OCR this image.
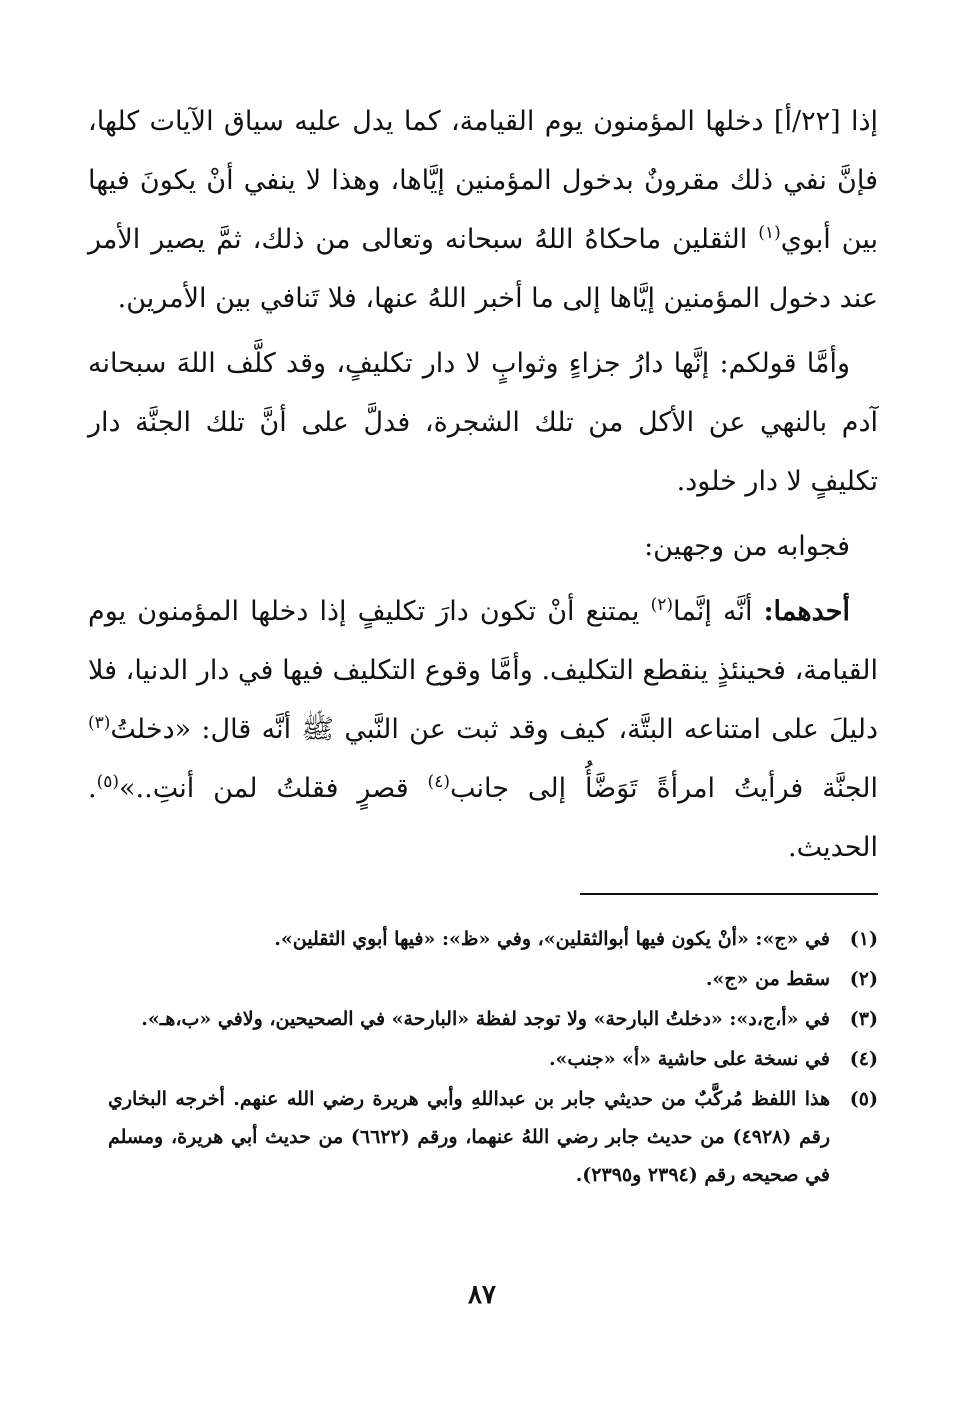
إذا [٢٢/أ] دخلها المؤمنون يوم القيامة، كما يدل عليه سياق الآيات كلها، فإنَّ نفي ذلك مقرونٌ بدخول المؤمنين إيَّاها، وهذا لا ينفي أنْ يكونَ فيها بين أبوي$^{(١)}$ الثقلين ماحكاهُ اللهُ سبحانه وتعالى من ذلك، ثمَّ يصير الأمر عند دخول المؤمنين إيَّاها إلى ما أخبر اللهُ عنها، فلا تَنافي بين الأمرين.

وأمَّا قولكم: إنَّها دارُ جزاءٍ وثوابٍ لا دار تكليفٍ، وقد كلَّف اللهَ سبحانه آدم بالنهي عن الأكل من تلك الشجرة، فدلَّ على أنَّ تلك الجنَّة دار تكليفٍ لا دار خلود.

فجوابه من وجهين:

أحدهما: أنَّه إنَّما$^{(٢)}$ يمتنع أنْ تكون دارَ تكليفٍ إذا دخلها المؤمنون يوم القيامة، فحينئذٍ ينقطع التكليف. وأمَّا وقوع التكليف فيها في دار الدنيا، فلا دليلَ على امتناعه البتَّة، كيف وقد ثبت عن النَّبي ﷺ أنَّه قال: «دخلتُ$^{(٣)}$ الجنَّة فرأيتُ امرأةً تَوَضَّأُ إلى جانب$^{(٤)}$ قصرٍ فقلتُ لمن أنتِ..»$^{(٥)}$. الحديث.

(١)
في «ج»: «أنْ يكون فيها أبوالثقلين»، وفي «ظ»: «فيها أبوي الثقلين».
(٢)
سقط من «ج».
(٣)
في «أ،ج،د»: «دخلتُ البارحة» ولا توجد لفظة «البارحة» في الصحيحين، ولافي «ب،هـ».
(٤)
في نسخة على حاشية «أ» «جنب».
(٥)
هذا اللفظ مُركَّبٌ من حديثي جابر بن عبداللهِ وأبي هريرة رضي الله عنهم. أخرجه البخاري رقم (٤٩٢٨) من حديث جابر رضي اللهُ عنهما، ورقم (٦٦٢٢) من حديث أبي هريرة، ومسلم في صحيحه رقم (٢٣٩٤ و٢٣٩٥).
٨٧
